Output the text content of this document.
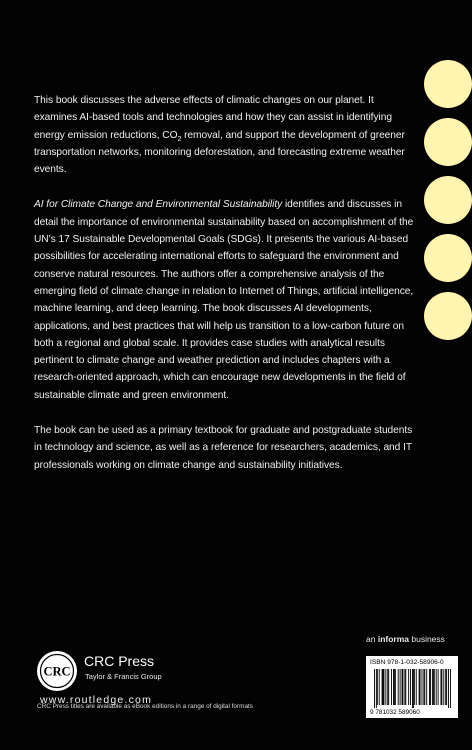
This book discusses the adverse effects of climatic changes on our planet. It examines AI-based tools and technologies and how they can assist in identifying energy emission reductions, $CO_2$ removal, and support the development of greener transportation networks, monitoring deforestation, and forecasting extreme weather events.

AI for Climate Change and Environmental Sustainability identifies and discusses in detail the importance of environmental sustainability based on accomplishment of the UN’s 17 Sustainable Developmental Goals (SDGs). It presents the various AI-based possibilities for accelerating international efforts to safeguard the environment and conserve natural resources. The authors offer a comprehensive analysis of the emerging field of climate change in relation to Internet of Things, artificial intelligence, machine learning, and deep learning. The book discusses AI developments, applications, and best practices that will help us transition to a low-carbon future on both a regional and global scale. It provides case studies with analytical results pertinent to climate change and weather prediction and includes chapters with a research-oriented approach, which can encourage new developments in the field of sustainable climate and green environment.

The book can be used as a primary textbook for graduate and postgraduate students in technology and science, as well as a reference for researchers, academics, and IT professionals working on climate change and sustainability initiatives.

an informa business
ISBN 978-1-032-58906-0
9 781032 589060
CRC
CRC Press
Taylor & Francis Group
www.routledge.com
CRC Press titles are available as eBook editions in a range of digital formats
